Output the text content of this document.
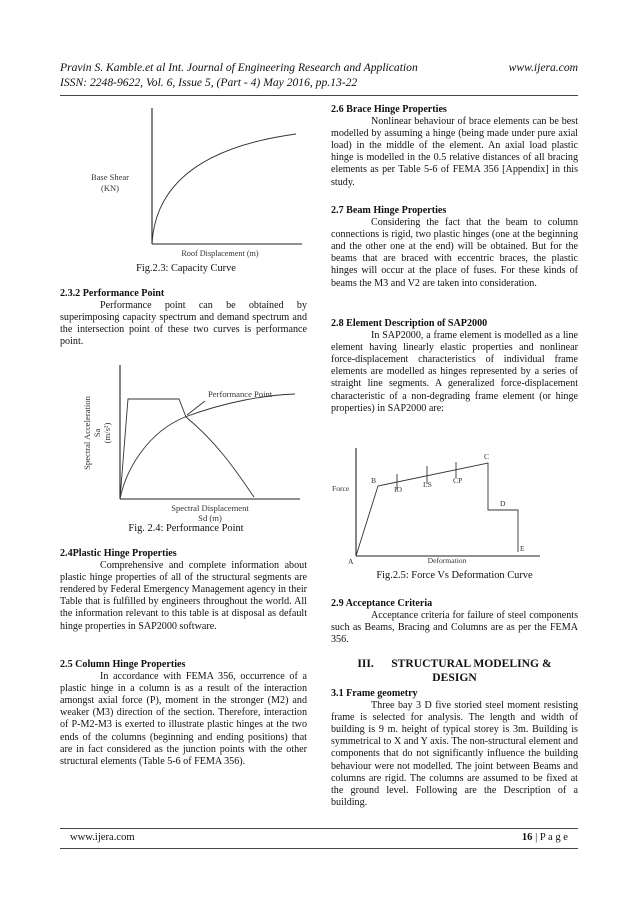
Pravin S. Kamble.et al Int. Journal of Engineering Research and Application	www.ijera.com
ISSN: 2248-9622, Vol. 6, Issue 5, (Part - 4) May 2016, pp.13-22
Base Shear
(KN)
Roof Displacement (m)
Fig.2.3: Capacity Curve
2.3.2 Performance Point

Performance point can be obtained by superimposing capacity spectrum and demand spectrum and the intersection point of these two curves is performance point.

Performance Point
Spectral Acceleration Sa (m/s²)
Spectral Displacement
Sd (m)
Fig. 2.4: Performance Point
2.4Plastic Hinge Properties

Comprehensive and complete information about plastic hinge properties of all of the structural segments are rendered by Federal Emergency Management agency in their Table that is fulfilled by engineers throughout the world. All the information relevant to this table is at disposal as default hinge properties in SAP2000 software.

2.5 Column Hinge Properties

In accordance with FEMA 356, occurrence of a plastic hinge in a column is as a result of the interaction amongst axial force (P), moment in the stronger (M2) and weaker (M3) direction of the section. Therefore, interaction of P-M2-M3 is exerted to illustrate plastic hinges at the two ends of the columns (beginning and ending positions) that are in fact considered as the junction points with the other structural elements (Table 5-6 of FEMA 356).

2.6 Brace Hinge Properties

Nonlinear behaviour of brace elements can be best modelled by assuming a hinge (being made under pure axial load) in the middle of the element. An axial load plastic hinge is modelled in the 0.5 relative distances of all bracing elements as per Table 5-6 of FEMA 356 [Appendix] in this study.

2.7 Beam Hinge Properties

Considering the fact that the beam to column connections is rigid, two plastic hinges (one at the beginning and the other one at the end) will be obtained. But for the beams that are braced with eccentric braces, the plastic hinges will occur at the place of fuses. For these kinds of beams the M3 and V2 are taken into consideration.

2.8 Element Description of SAP2000

In SAP2000, a frame element is modelled as a line element having linearly elastic properties and nonlinear force-displacement characteristics of individual frame elements are modelled as hinges represented by a series of straight line segments. A generalized force-displacement characteristic of a non-degrading frame element (or hinge properties) in SAP2000 are:

Force
Deformation
A
B
C
D
E
IO
LS	CP
Fig.2.5: Force Vs Deformation Curve
2.9 Acceptance Criteria

Acceptance criteria for failure of steel components such as Beams, Bracing and Columns are as per the FEMA 356.

III.      STRUCTURAL MODELING & DESIGN
3.1 Frame geometry

Three bay 3 D five storied steel moment resisting frame is selected for analysis. The length and width of building is 9 m. height of typical storey is 3m. Building is symmetrical to X and Y axis. The non-structural element and components that do not significantly influence the building behaviour were not modelled. The joint between Beams and columns are rigid. The columns are assumed to be fixed at the ground level. Following are the Description of a building.

www.ijera.com	16 | P a g e
